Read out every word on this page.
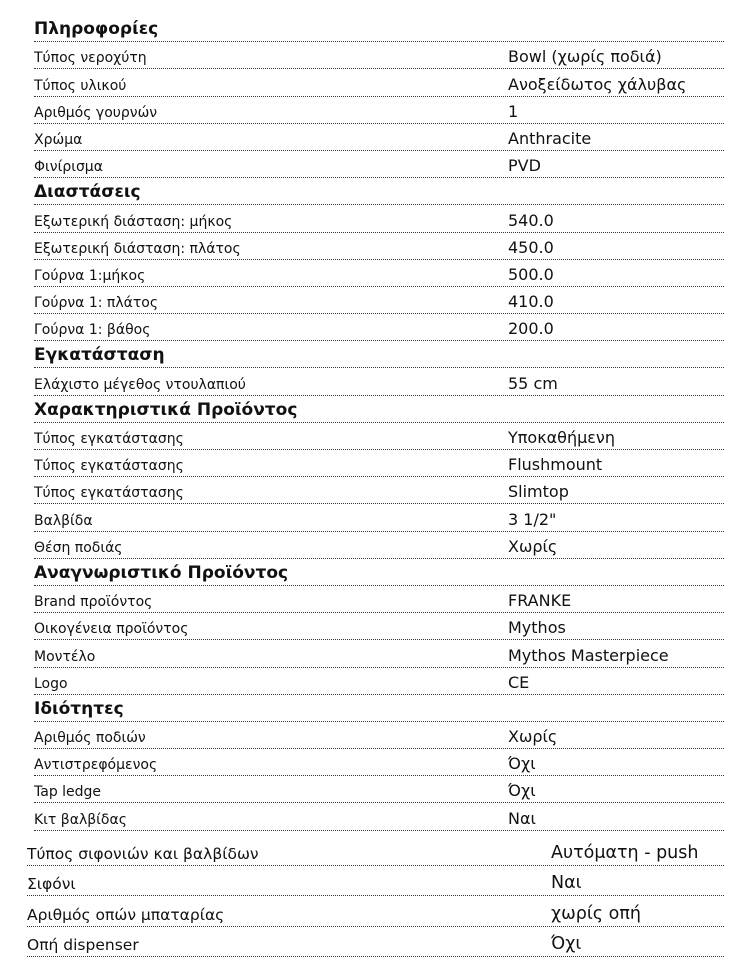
Πληροφορίες
Τύπος νεροχύτη	Bowl (χωρίς ποδιά)
Τύπος υλικού	Ανοξείδωτος χάλυβας
Αριθμός γουρνών	1
Χρώμα	Anthracite
Φινίρισμα	PVD
Διαστάσεις
Εξωτερική διάσταση: μήκος	540.0
Εξωτερική διάσταση: πλάτος	450.0
Γούρνα 1:μήκος	500.0
Γούρνα 1: πλάτος	410.0
Γούρνα 1: βάθος	200.0
Εγκατάσταση
Ελάχιστο μέγεθος ντουλαπιού	55 cm
Χαρακτηριστικά Προϊόντος
Τύπος εγκατάστασης	Υποκαθήμενη
Τύπος εγκατάστασης	Flushmount
Τύπος εγκατάστασης	Slimtop
Βαλβίδα	3 1/2"
Θέση ποδιάς	Χωρίς
Αναγνωριστικό Προϊόντος
Brand προϊόντος	FRANKE
Οικογένεια προϊόντος	Mythos
Μοντέλο	Mythos Masterpiece
Logo	CE
Ιδιότητες
Αριθμός ποδιών	Χωρίς
Αντιστρεφόμενος	Όχι
Tap ledge	Όχι
Κιτ βαλβίδας	Ναι
Τύπος σιφονιών και βαλβίδων	Αυτόματη - push
Σιφόνι	Ναι
Αριθμός οπών μπαταρίας	χωρίς οπή
Οπή dispenser	Όχι
